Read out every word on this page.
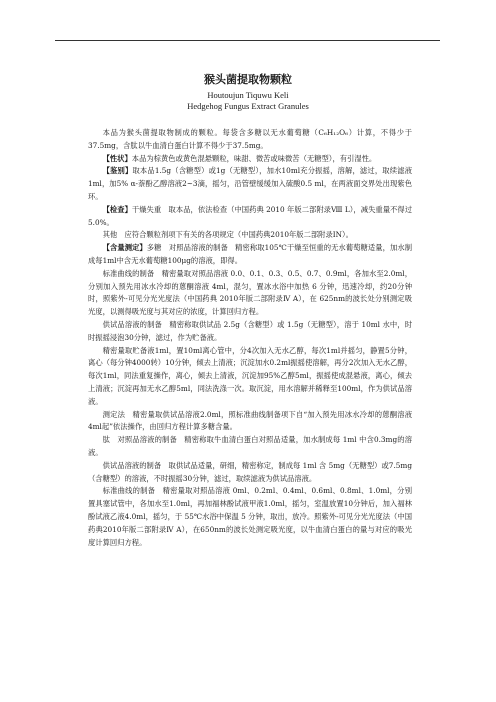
猴头菌提取物颗粒
Houtoujun Tiquwu Keli
Hedgehog Fungus Extract Granules

本品为猴头菌提取物制成的颗粒。每袋含多糖以无水葡萄糖（C₆H₁₂O₆）计算，不得少于37.5mg，含肽以牛血清白蛋白计算不得少于37.5mg。

【性状】本品为棕黄色或黄色混悬颗粒，味甜、微苦或味微苦（无糖型），有引湿性。

【鉴别】取本品1.5g（含糖型）或1g（无糖型），加水10ml充分振摇，溶解，滤过，取续滤液1ml，加5% α-萘酚乙醇溶液2~3滴，摇匀，沿管壁缓缓加入硫酸0.5 ml，在两液面交界处出现紫色环。

【检查】干燥失重　取本品，依法检查（中国药典 2010 年版二部附录Ⅷ L），减失重量不得过5.0%。

其他　应符合颗粒剂项下有关的各项规定（中国药典2010年版二部附录ⅠN）。

【含量测定】多糖　对照品溶液的制备　精密称取105℃干燥至恒重的无水葡萄糖适量，加水制成每1ml中含无水葡萄糖100μg的溶液，即得。

标准曲线的制备　精密量取对照品溶液 0.0、0.1、0.3、0.5、0.7、0.9ml，各加水至2.0ml，分别加入预先用冰水冷却的蒽酮溶液 4ml，混匀，置冰水浴中加热 6 分钟，迅速冷却，约20分钟时，照紫外-可见分光光度法（中国药典 2010年版二部附录Ⅳ A），在 625nm的波长处分别测定吸光度，以测得吸光度与其对应的浓度，计算回归方程。

供试品溶液的制备　精密称取供试品 2.5g（含糖型）或 1.5g（无糖型），溶于 10ml 水中，时时振摇浸泡30分钟，滤过，作为贮备液。

精密量取贮备液1ml，置10ml离心管中，分4次加入无水乙醇，每次1ml并摇匀，静置5分钟，离心（每分钟4000转）10分钟，倾去上清液；沉淀加水0.2ml振摇使溶解，再分2次加入无水乙醇，每次1ml，同法重复操作，离心，倾去上清液，沉淀加95%乙醇5ml，振摇使成混悬液，离心，倾去上清液；沉淀再加无水乙醇5ml，同法洗涤一次。取沉淀，用水溶解并稀释至100ml，作为供试品溶液。

测定法　精密量取供试品溶液2.0ml，照标准曲线制备项下自“加入预先用冰水冷却的蒽酮溶液4ml起”依法操作，由回归方程计算多糖含量。

肽　对照品溶液的制备　精密称取牛血清白蛋白对照品适量，加水制成每 1ml 中含0.3mg的溶液。

供试品溶液的制备　取供试品适量，研细，精密称定，制成每 1ml 含 5mg（无糖型）或7.5mg（含糖型）的溶液，不时振摇30分钟，滤过，取续滤液为供试品溶液。

标准曲线的制备　精密量取对照品溶液 0ml、0.2ml、0.4ml、0.6ml、0.8ml、1.0ml，分别置具塞试管中，各加水至1.0ml，再加福林酚试液甲液1.0ml，摇匀，室温放置10分钟后，加入福林酚试液乙液4.0ml，摇匀，于 55℃水浴中保温 5 分钟，取出，放冷。照紫外-可见分光光度法（中国药典2010年版二部附录Ⅳ A），在650nm的波长处测定吸光度，以牛血清白蛋白的量与对应的吸光度计算回归方程。
